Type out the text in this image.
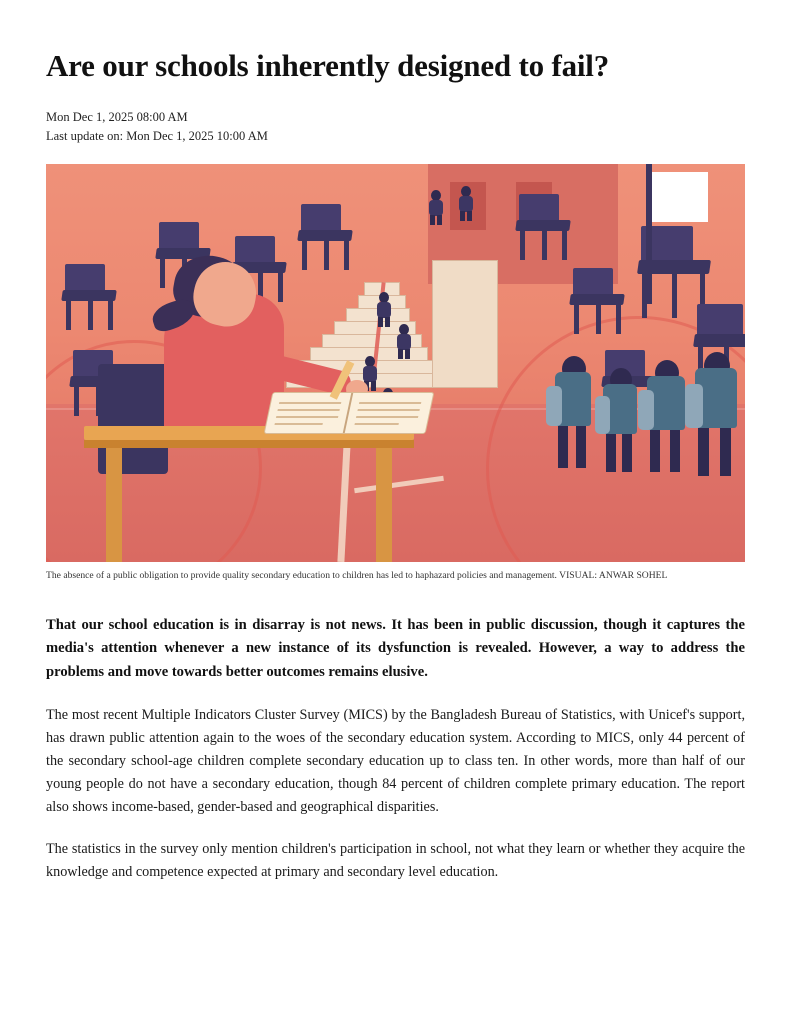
Are our schools inherently designed to fail?
Mon Dec 1, 2025 08:00 AM
Last update on: Mon Dec 1, 2025 10:00 AM
The absence of a public obligation to provide quality secondary education to children has led to haphazard policies and management. VISUAL: ANWAR SOHEL

That our school education is in disarray is not news. It has been in public discussion, though it captures the media's attention whenever a new instance of its dysfunction is revealed. However, a way to address the problems and move towards better outcomes remains elusive.

The most recent Multiple Indicators Cluster Survey (MICS) by the Bangladesh Bureau of Statistics, with Unicef's support, has drawn public attention again to the woes of the secondary education system. According to MICS, only 44 percent of the secondary school-age children complete secondary education up to class ten. In other words, more than half of our young people do not have a secondary education, though 84 percent of children complete primary education. The report also shows income-based, gender-based and geographical disparities.

The statistics in the survey only mention children's participation in school, not what they learn or whether they acquire the knowledge and competence expected at primary and secondary level education.
